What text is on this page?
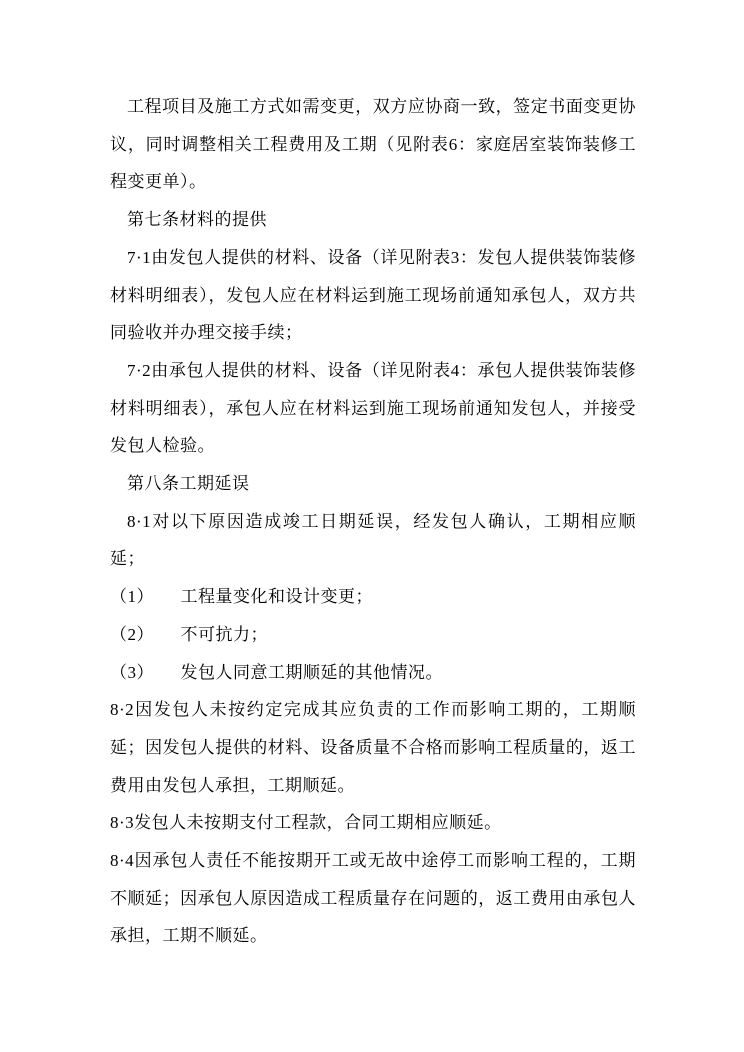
工程项目及施工方式如需变更，双方应协商一致，签定书面变更协议，同时调整相关工程费用及工期（见附表6：家庭居室装饰装修工程变更单）。

第七条材料的提供

7·1由发包人提供的材料、设备（详见附表3：发包人提供装饰装修材料明细表），发包人应在材料运到施工现场前通知承包人，双方共同验收并办理交接手续；

7·2由承包人提供的材料、设备（详见附表4：承包人提供装饰装修材料明细表），承包人应在材料运到施工现场前通知发包人，并接受发包人检验。

第八条工期延误

8·1对以下原因造成竣工日期延误，经发包人确认，工期相应顺延；

（1）　　工程量变化和设计变更；

（2）　　不可抗力；

（3）　　发包人同意工期顺延的其他情况。

8·2因发包人未按约定完成其应负责的工作而影响工期的，工期顺延；因发包人提供的材料、设备质量不合格而影响工程质量的，返工费用由发包人承担，工期顺延。

8·3发包人未按期支付工程款，合同工期相应顺延。

8·4因承包人责任不能按期开工或无故中途停工而影响工程的，工期不顺延；因承包人原因造成工程质量存在问题的，返工费用由承包人承担，工期不顺延。
